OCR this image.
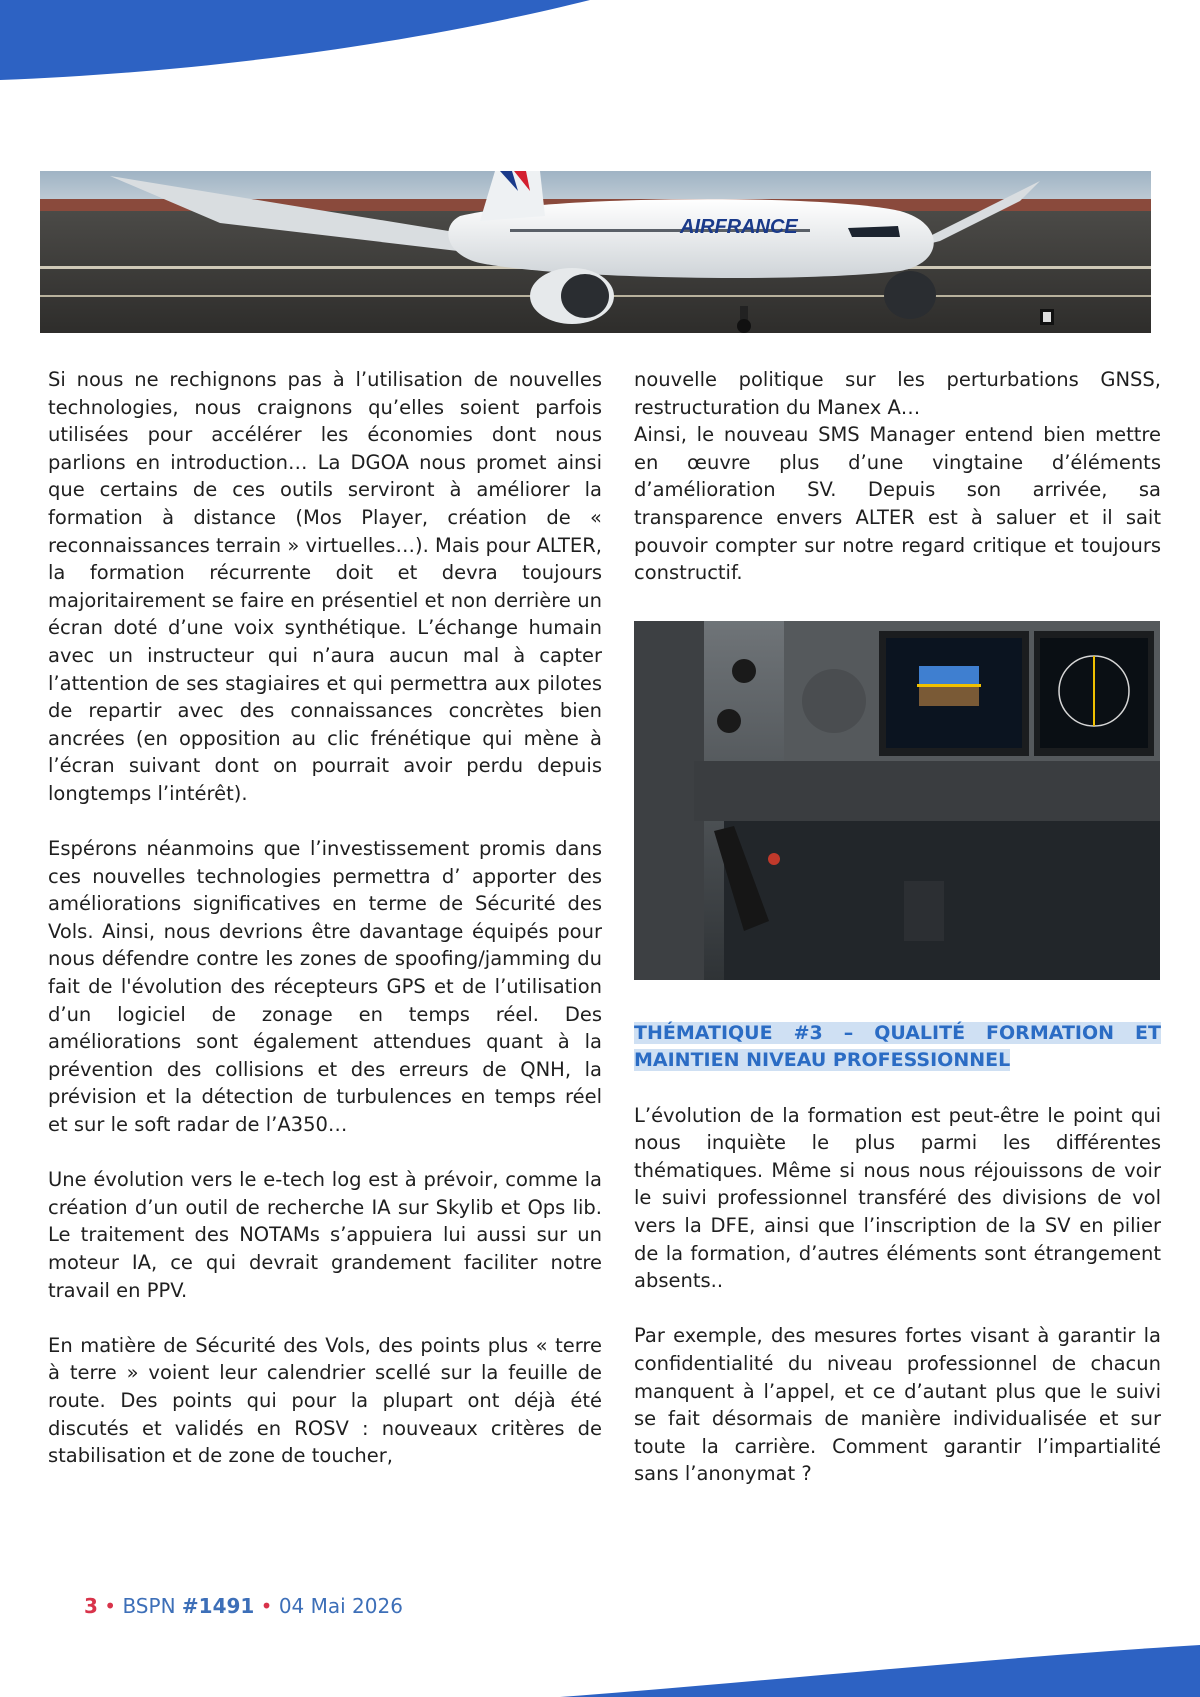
AIRFRANCE

Si nous ne rechignons pas à l’utilisation de nouvelles technologies, nous craignons qu’elles soient parfois utilisées pour accélérer les économies dont nous parlions en introduction… La DGOA nous promet ainsi que certains de ces outils serviront à améliorer la formation à distance (Mos Player, création de « reconnaissances terrain » virtuelles…). Mais pour ALTER, la formation récurrente doit et devra toujours majoritairement se faire en présentiel et non derrière un écran doté d’une voix synthétique. L’échange humain avec un instructeur qui n’aura aucun mal à capter l’attention de ses stagiaires et qui permettra aux pilotes de repartir avec des connaissances concrètes bien ancrées (en opposition au clic frénétique qui mène à l’écran suivant dont on pourrait avoir perdu depuis longtemps l’intérêt).

Espérons néanmoins que l’investissement promis dans ces nouvelles technologies permettra d’ apporter des améliorations significatives en terme de Sécurité des Vols. Ainsi, nous devrions être davantage équipés pour nous défendre contre les zones de spoofing/jamming du fait de l'évolution des récepteurs GPS et de l’utilisation d’un logiciel de zonage en temps réel. Des améliorations sont également attendues quant à la prévention des collisions et des erreurs de QNH, la prévision et la détection de turbulences en temps réel et sur le soft radar de l’A350…

Une évolution vers le e-tech log est à prévoir, comme la création d’un outil de recherche IA sur Skylib et Ops lib. Le traitement des NOTAMs s’appuiera lui aussi sur un moteur IA, ce qui devrait grandement faciliter notre travail en PPV.

En matière de Sécurité des Vols, des points plus « terre à terre » voient leur calendrier scellé sur la feuille de route. Des points qui pour la plupart ont déjà été discutés et validés en ROSV : nouveaux critères de stabilisation et de zone de toucher,

nouvelle politique sur les perturbations GNSS, restructuration du Manex A…

Ainsi, le nouveau SMS Manager entend bien mettre en œuvre plus d’une vingtaine d’éléments d’amélioration SV. Depuis son arrivée, sa transparence envers ALTER est à saluer et il sait pouvoir compter sur notre regard critique et toujours constructif.

THÉMATIQUE #3 – QUALITÉ FORMATION ET MAINTIEN NIVEAU PROFESSIONNEL

L’évolution de la formation est peut-être le point qui nous inquiète le plus parmi les différentes thématiques. Même si nous nous réjouissons de voir le suivi professionnel transféré des divisions de vol vers la DFE, ainsi que l’inscription de la SV en pilier de la formation, d’autres éléments sont étrangement absents..

Par exemple, des mesures fortes visant à garantir la confidentialité du niveau professionnel de chacun manquent à l’appel, et ce d’autant plus que le suivi se fait désormais de manière individualisée et sur toute la carrière. Comment garantir l’impartialité sans l’anonymat ?

3 • BSPN #1491 • 04 Mai 2026
